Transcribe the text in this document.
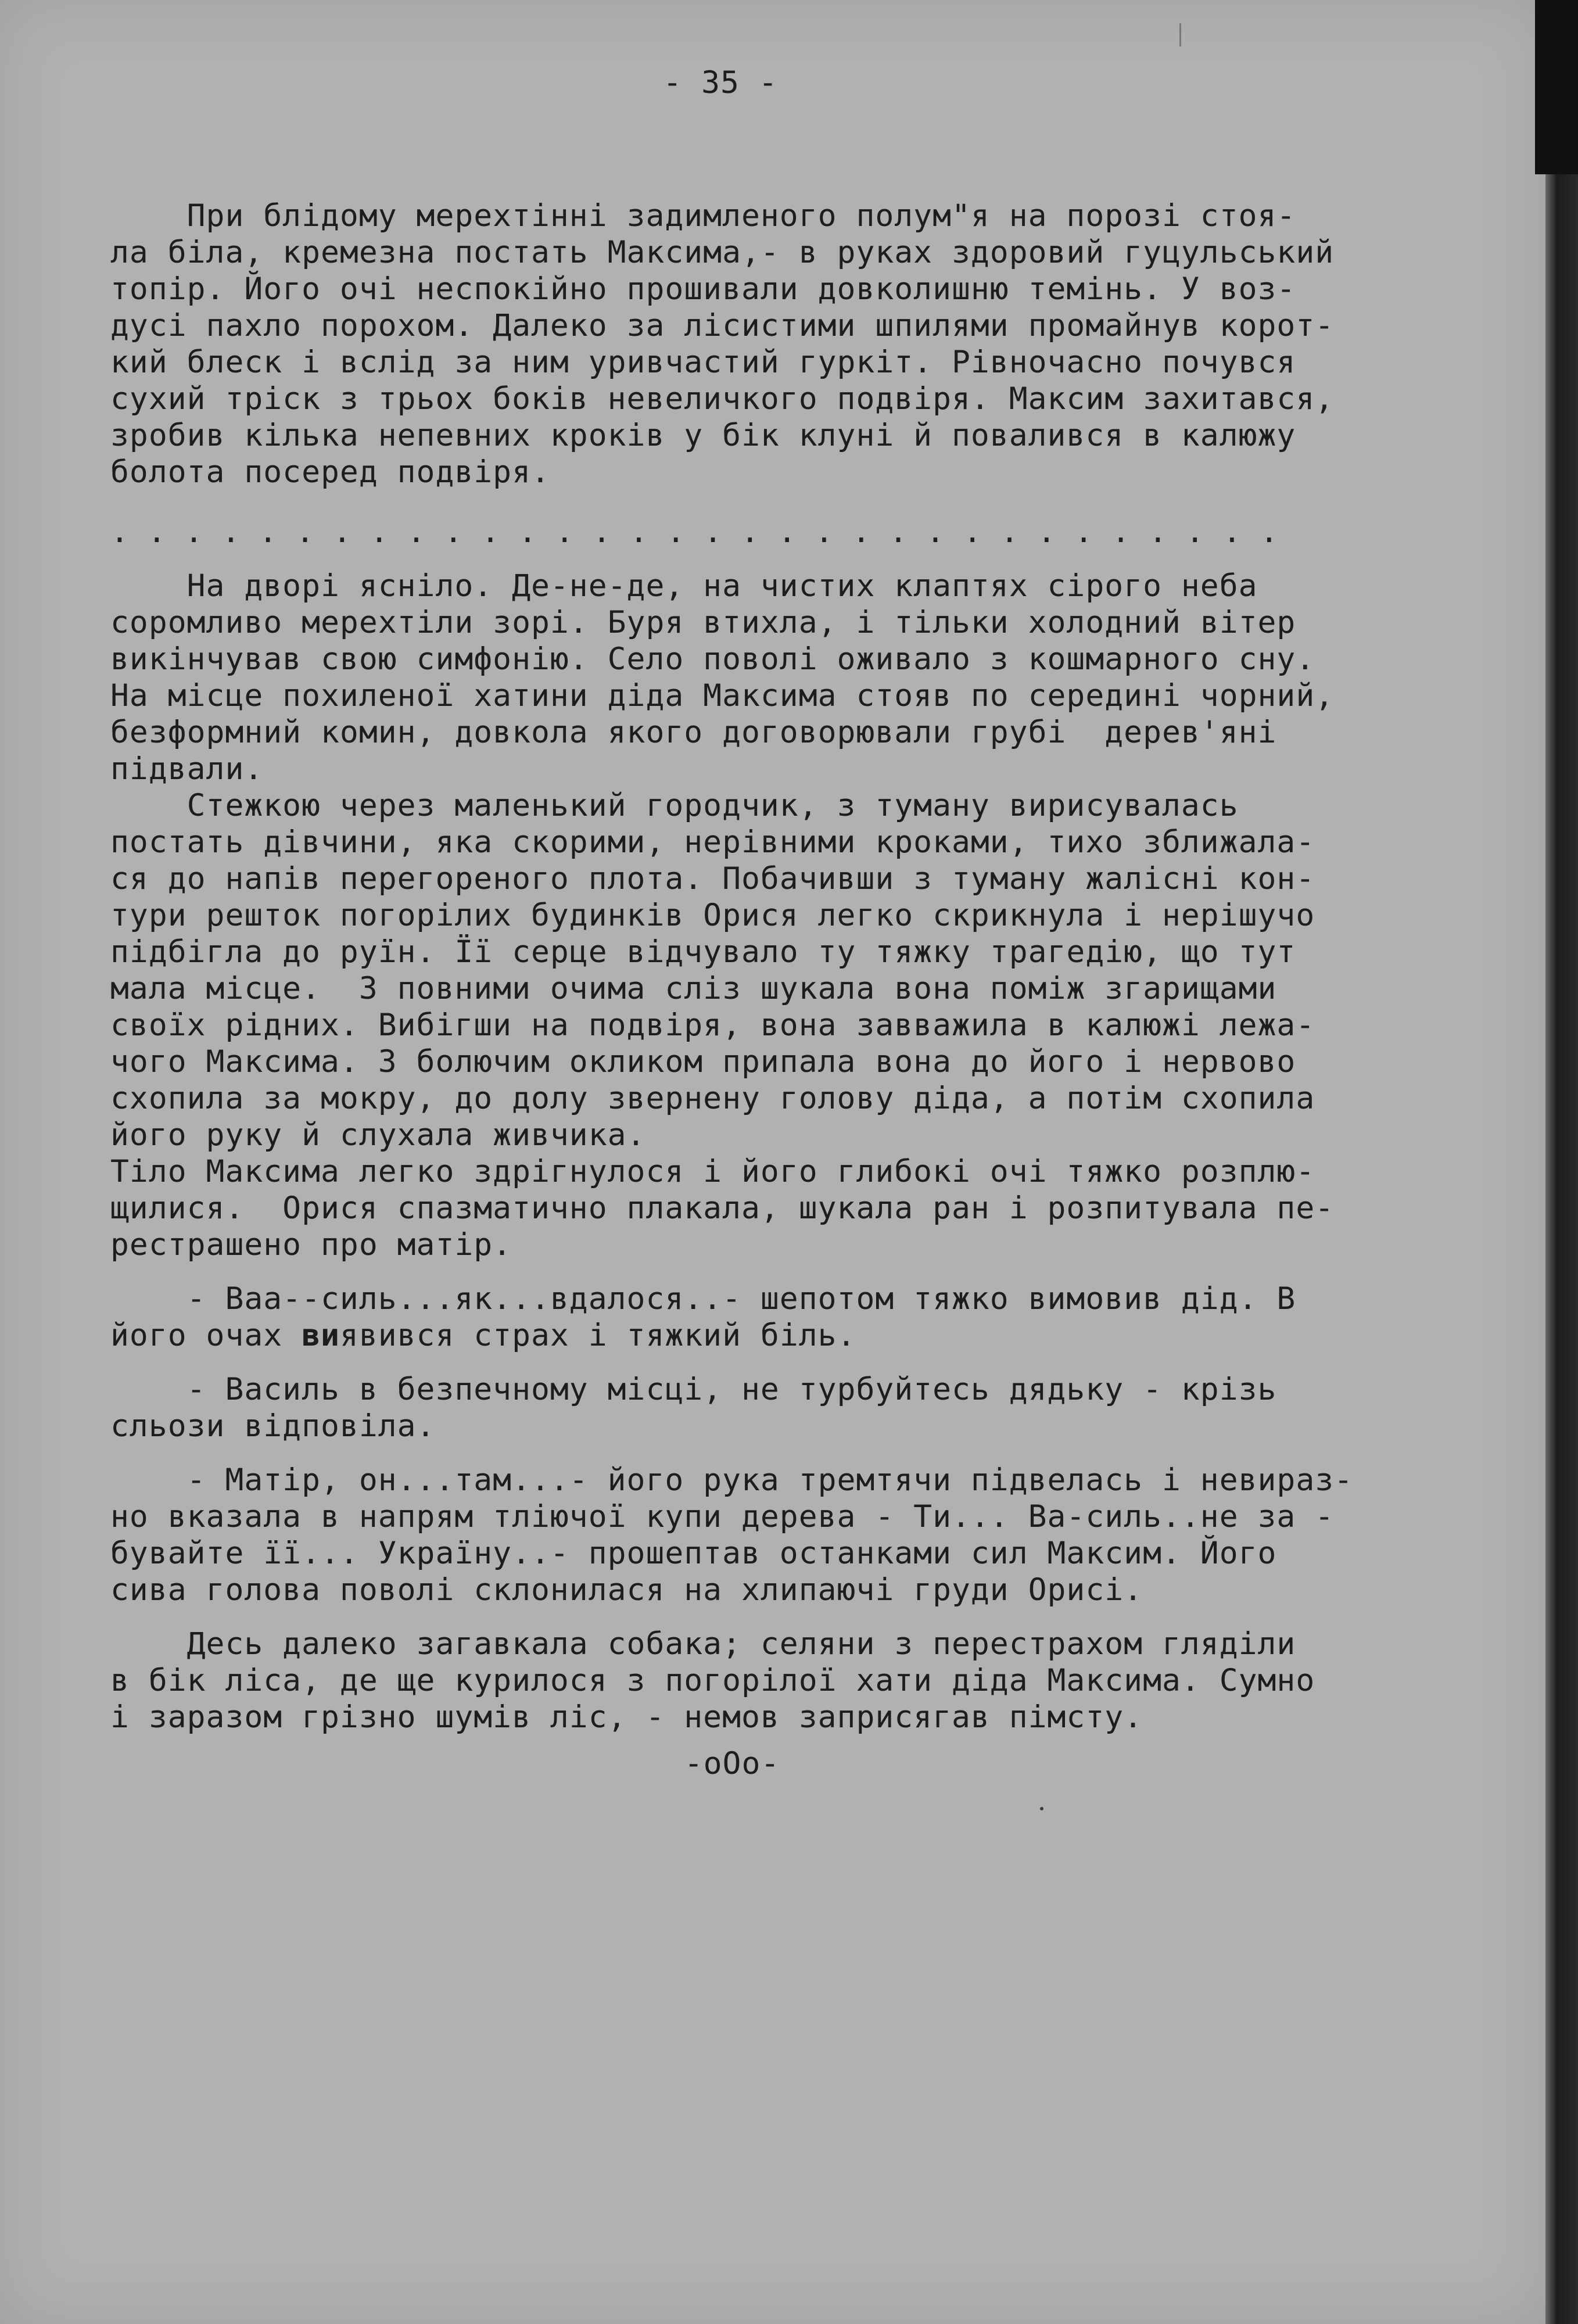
- 35 -

При блідому мерехтінні задимленого полум"я на порозі стоя-

ла біла, кремезна постать Максима,- в руках здоровий гуцульський

топір. Його очі неспокійно прошивали довколишню темінь. У воз-

дусі пахло порохом. Далеко за лісистими шпилями промайнув корот-

кий блеск і вслід за ним уривчастий гуркіт. Рівночасно почувся

сухий тріск з трьох боків невеличкого подвіря. Максим захитався,

зробив кілька непевних кроків у бік клуні й повалився в калюжу

болота посеред подвіря.

. . . . . . . . . . . . . . . . . . . . . . . . . . . . . . . .

На дворі ясніло. Де-не-де, на чистих клаптях сірого неба

соромливо мерехтіли зорі. Буря втихла, і тільки холодний вітер

викінчував свою симфонію. Село поволі оживало з кошмарного сну.

На місце похиленої хатини діда Максима стояв по середині чорний,

безформний комин, довкола якого договорювали грубі  дерев'яні

підвали.

Стежкою через маленький городчик, з туману вирисувалась

постать дівчини, яка скорими, нерівними кроками, тихо зближала-

ся до напів перегореного плота. Побачивши з туману жалісні кон-

тури решток погорілих будинків Орися легко скрикнула і нерішучо

підбігла до руїн. Її серце відчувало ту тяжку трагедію, що тут

мала місце.  З повними очима сліз шукала вона поміж згарищами

своїх рідних. Вибігши на подвіря, вона завважила в калюжі лежа-

чого Максима. З болючим окликом припала вона до його і нервово

схопила за мокру, до долу звернену голову діда, а потім схопила

його руку й слухала живчика.

Тіло Максима легко здрігнулося і його глибокі очі тяжко розплю-

щилися.  Орися спазматично плакала, шукала ран і розпитувала пе-

рестрашено про матір.

- Ваа--силь...як...вдалося..- шепотом тяжко вимовив дід. В

його очах виявився страх і тяжкий біль.

- Василь в безпечному місці, не турбуйтесь дядьку - крізь

сльози відповіла.

- Матір, он...там...- його рука тремтячи підвелась і невираз-

но вказала в напрям тліючої купи дерева - Ти... Ва-силь..не за -

бувайте її... Україну..- прошептав останками сил Максим. Його

сива голова поволі склонилася на хлипаючі груди Орисі.

Десь далеко загавкала собака; селяни з перестрахом гляділи

в бік ліса, де ще курилося з погорілої хати діда Максима. Сумно

і заразом грізно шумів ліс, - немов заприсягав пімсту.

-oOo-
